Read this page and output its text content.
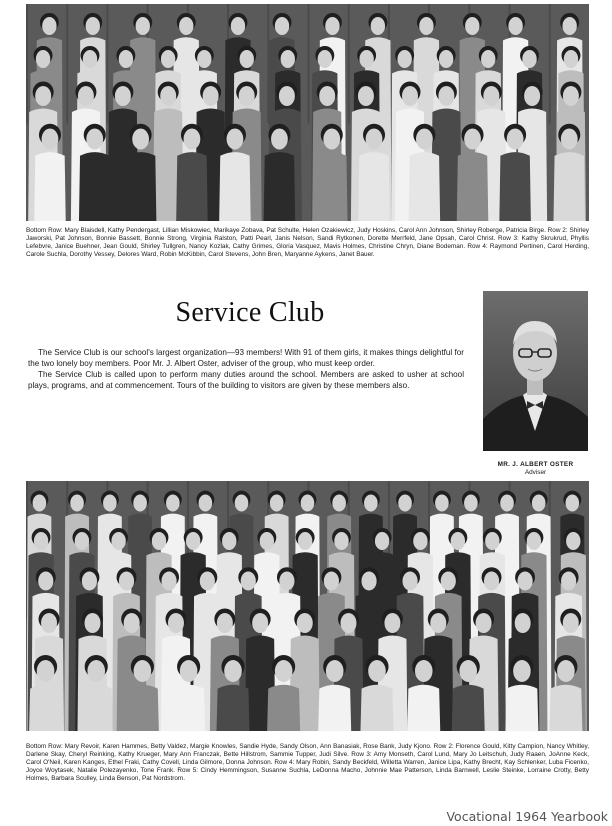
Bottom Row: Mary Blaisdell, Kathy Pendergast, Lillian Miskowiec, Marikaye Zobava, Pat Schulte, Helen Ozakiewicz, Judy Hoskins, Carol Ann Johnson, Shirley Roberge, Patricia Birge. Row 2: Shirley Jaworski, Pat Johnson, Bonnie Bassett, Bonnie Strong, Virginia Ralston, Patti Pearl, Janis Nelson, Sandi Rytkonen, Dorette Merrfeld, Jane Opsah, Carol Christ. Row 3: Kathy Skrukrud, Phyllis Lefebvre, Janice Buehner, Jean Gould, Shirley Tullgren, Nancy Kozlak, Cathy Grimes, Gloria Vasquez, Mavis Holmes, Christine Chryn, Diane Bodeman. Row 4: Raymond Pertinen, Carol Herding, Carole Suchla, Dorothy Vessey, Delores Ward, Robin McKibbin, Carol Stevens, John Bren, Maryanne Aykens, Janet Bauer.

Service Club

The Service Club is our school's largest organization—93 members! With 91 of them girls, it makes things delightful for the two lonely boy members. Poor Mr. J. Albert Oster, adviser of the group, who must keep order.

The Service Club is called upon to perform many duties around the school. Members are asked to usher at school plays, programs, and at commencement. Tours of the building to visitors are given by these members also.

MR. J. ALBERT OSTER
Adviser

Bottom Row: Mary Revoir, Karen Hammes, Betty Valdez, Margie Knowles, Sandie Hyde, Sandy Olson, Ann Banasiak, Rose Bank, Judy Kjono. Row 2: Florence Gould, Kitty Campion, Nancy Whitley, Darlene Skay, Cheryl Reinking, Kathy Krueger, Mary Ann Franczak, Bette Hillstrom, Sammie Tupper, Judi Silve. Row 3: Amy Monseth, Carol Lund, Mary Jo Leitschuh, Judy Raaen, JoAnne Keck, Carol O'Neil, Karen Kanges, Ethel Fraki, Cathy Covell, Linda Gilmore, Donna Johnson. Row 4: Mary Robin, Sandy Beckfeld, Willetta Warren, Janice Lipa, Kathy Brecht, Kay Schlenker, Luba Ficenko, Joyce Woytasek, Natalie Polezayenko, Tone Frank. Row 5: Cindy Hemmingson, Susanne Suchla, LeDonna Macho, Johnnie Mae Patterson, Linda Barnwell, Leslie Steinke, Lorraine Crotty, Betty Holmes, Barbara Sculley, Linda Benson, Pat Nordstrom.

Vocational 1964 Yearbook
